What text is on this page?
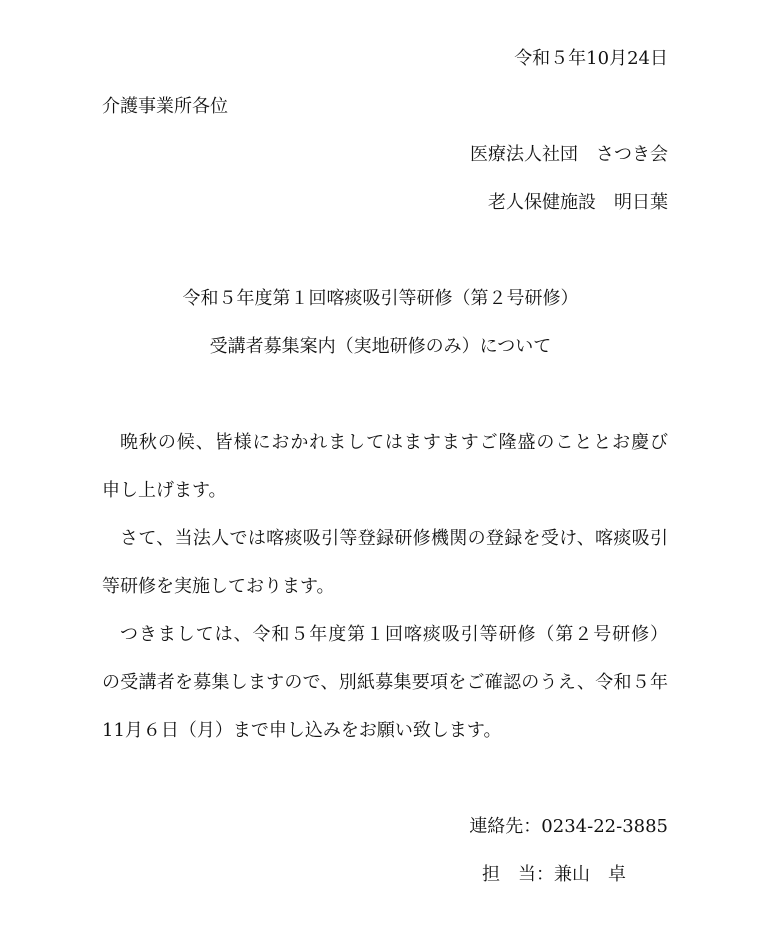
令和５年10月24日
介護事業所各位
医療法人社団　さつき会
老人保健施設　明日葉
令和５年度第１回喀痰吸引等研修（第２号研修）
受講者募集案内（実地研修のみ）について
晩秋の候、皆様におかれましてはますますご隆盛のこととお慶び
申し上げます。
さて、当法人では喀痰吸引等登録研修機関の登録を受け、喀痰吸引
等研修を実施しております。
つきましては、令和５年度第１回喀痰吸引等研修（第２号研修）
の受講者を募集しますので、別紙募集要項をご確認のうえ、令和５年
11月６日（月）まで申し込みをお願い致します。
連絡先：0234-22-3885
担　当：兼山　卓
